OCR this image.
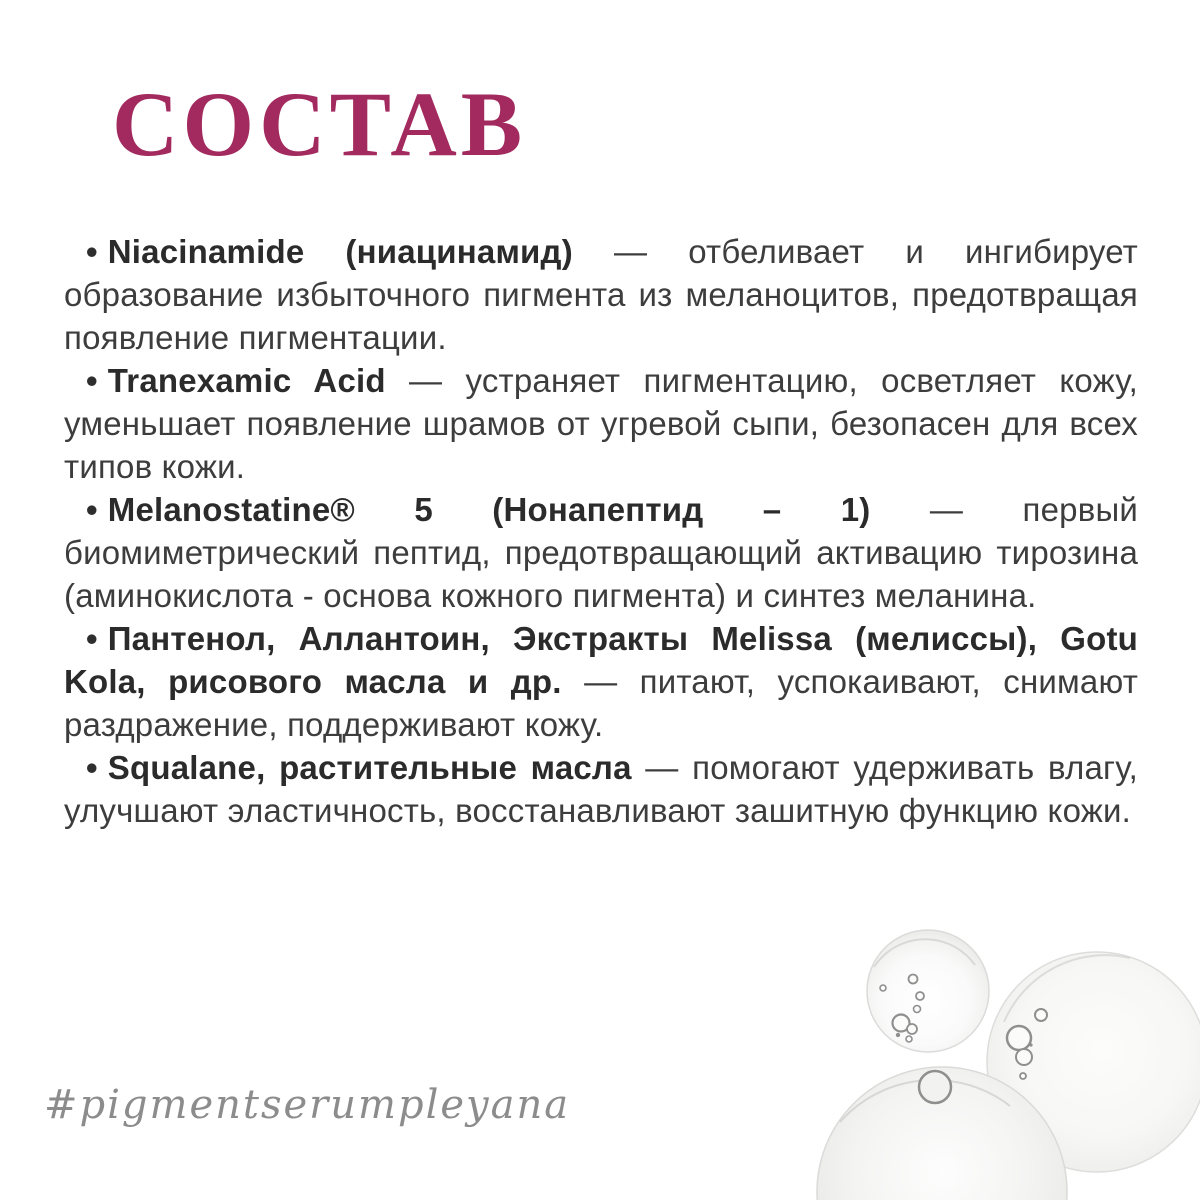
СОСТАВ

• Niacinamide (ниацинамид) — отбеливает и ингибирует образование избыточного пигмента из меланоцитов, предотвращая появление пигментации.

• Tranexamic Acid — устраняет пигментацию, осветляет кожу, уменьшает появление шрамов от угревой сыпи, безопасен для всех типов кожи.

• Melanostatine® 5 (Нонапептид – 1) — первый биомиметрический пептид, предотвращающий активацию тирозина (аминокислота - основа кожного пигмента) и синтез меланина.

• Пантенол, Аллантоин, Экстракты Melissa (мелиссы), Gotu Kola, рисового масла и др. — питают, успокаивают, снимают раздражение, поддерживают кожу.

• Squalane, растительные масла — помогают удерживать влагу, улучшают эластичность, восстанавливают зашитную функцию кожи.

#pigmentserumpleyana
